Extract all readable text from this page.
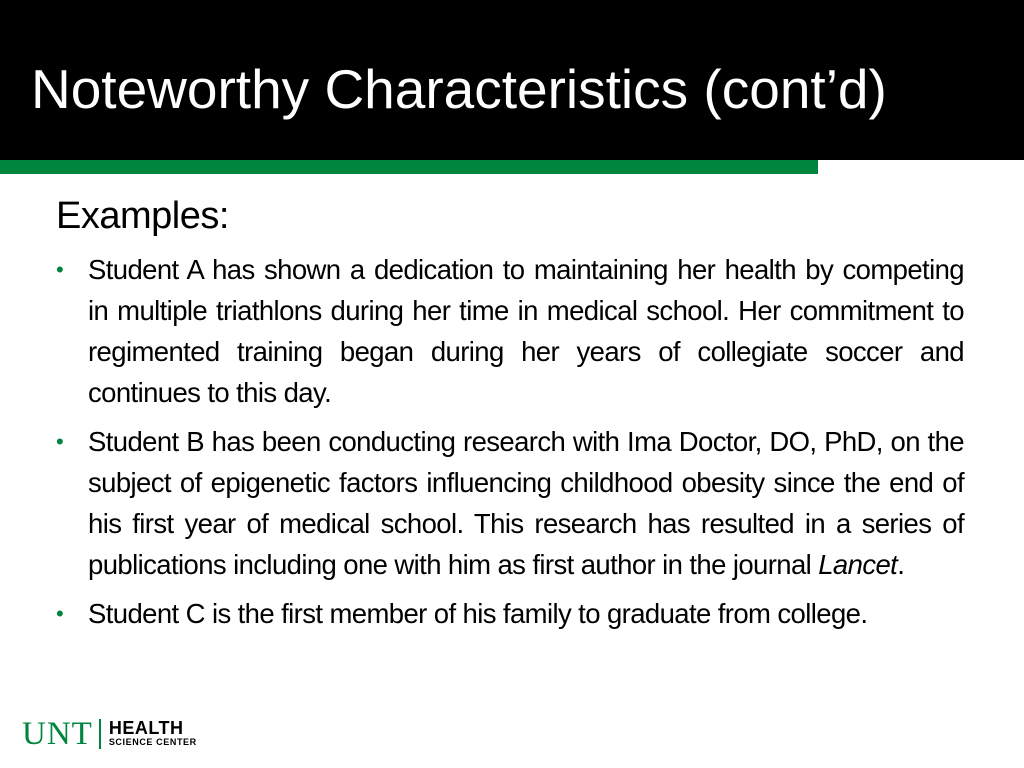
Noteworthy Characteristics (cont’d)
Examples:
• Student A has shown a dedication to maintaining her health by competing in multiple triathlons during her time in medical school. Her commitment to regimented training began during her years of collegiate soccer and continues to this day.
• Student B has been conducting research with Ima Doctor, DO, PhD, on the subject of epigenetic factors influencing childhood obesity since the end of his first year of medical school. This research has resulted in a series of publications including one with him as first author in the journal Lancet.
• Student C is the first member of his family to graduate from college.
UNT HEALTH
SCIENCE CENTER
